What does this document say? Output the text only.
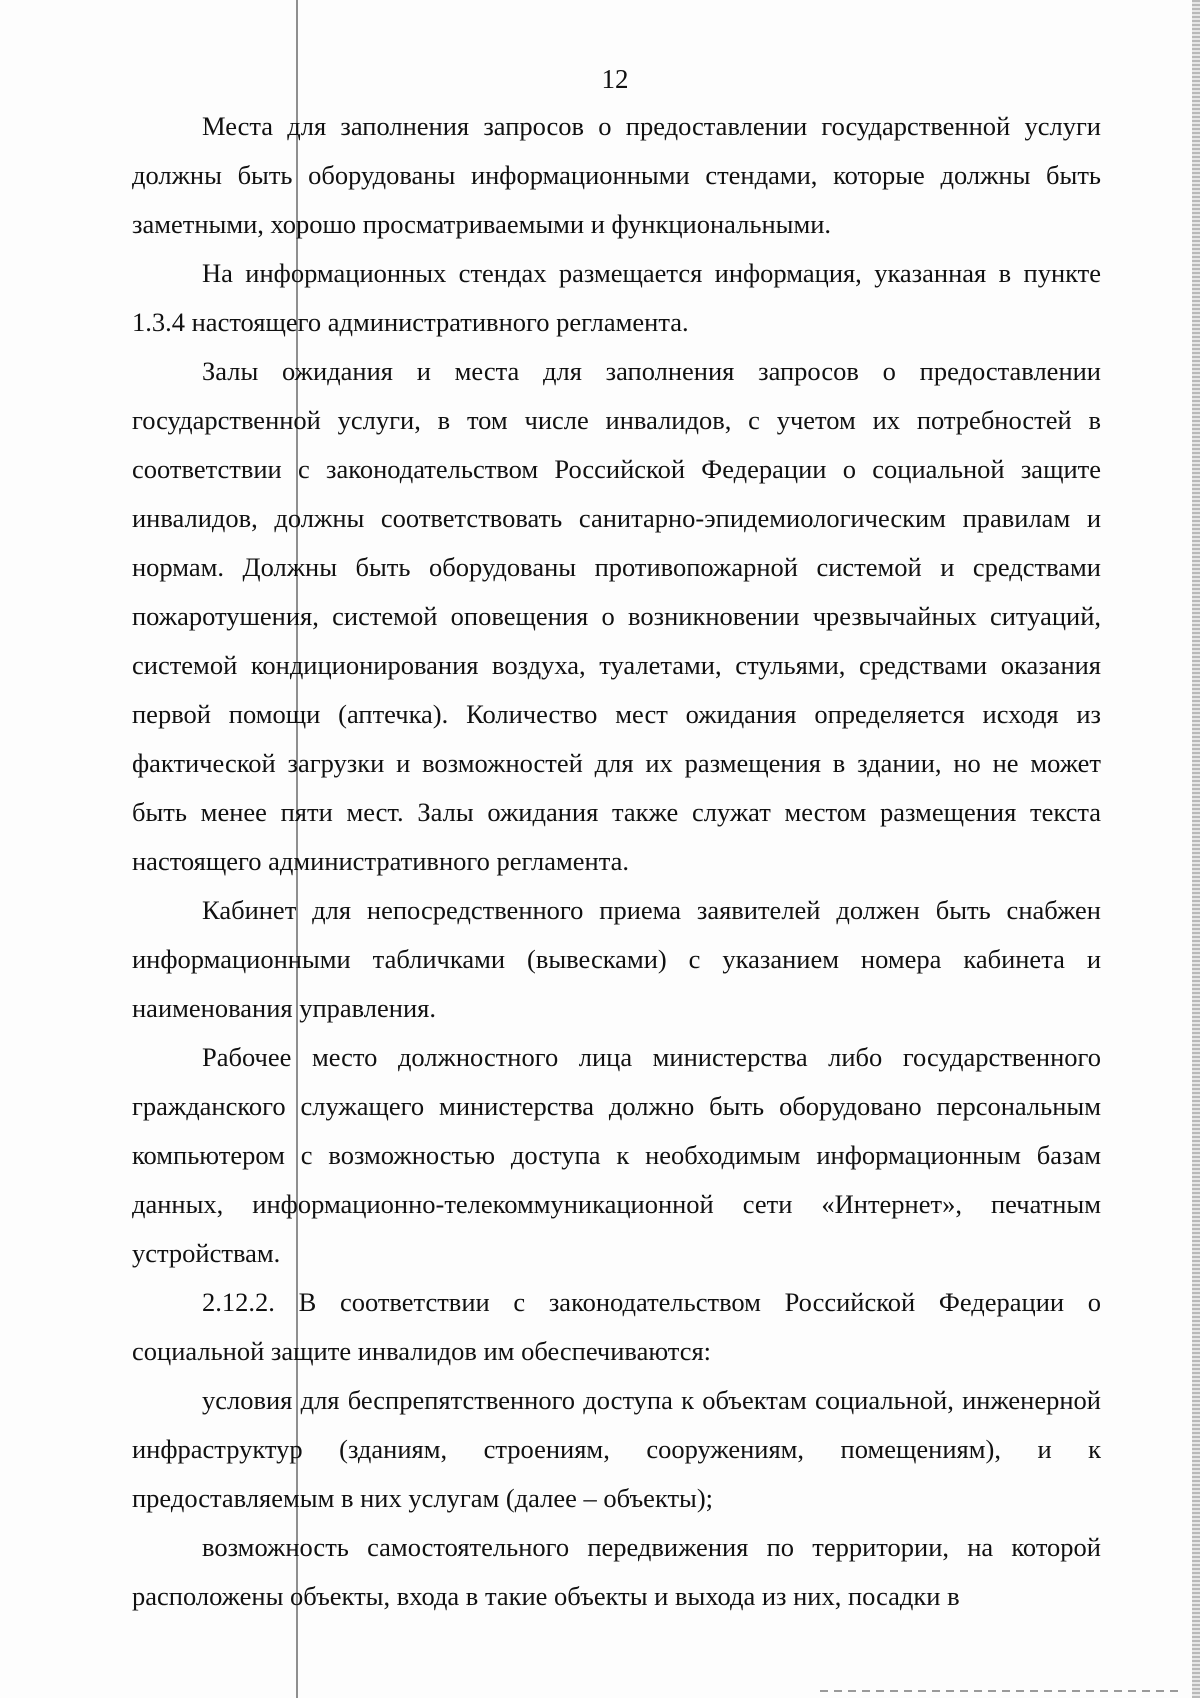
12

Места для заполнения запросов о предоставлении государственной услуги должны быть оборудованы информационными стендами, которые должны быть заметными, хорошо просматриваемыми и функциональными.

На информационных стендах размещается информация, указанная в пункте 1.3.4 настоящего административного регламента.

Залы ожидания и места для заполнения запросов о предоставлении государственной услуги, в том числе инвалидов, с учетом их потребностей в соответствии с законодательством Российской Федерации о социальной защите инвалидов, должны соответствовать санитарно-эпидемиологическим правилам и нормам. Должны быть оборудованы противопожарной системой и средствами пожаротушения, системой оповещения о возникновении чрезвычайных ситуаций, системой кондиционирования воздуха, туалетами, стульями, средствами оказания первой помощи (аптечка). Количество мест ожидания определяется исходя из фактической загрузки и возможностей для их размещения в здании, но не может быть менее пяти мест. Залы ожидания также служат местом размещения текста настоящего административного регламента.

Кабинет для непосредственного приема заявителей должен быть снабжен информационными табличками (вывесками) с указанием номера кабинета и наименования управления.

Рабочее место должностного лица министерства либо государственного гражданского служащего министерства должно быть оборудовано персональным компьютером с возможностью доступа к необходимым информационным базам данных, информационно-телекоммуникационной сети «Интернет», печатным устройствам.

2.12.2. В соответствии с законодательством Российской Федерации о социальной защите инвалидов им обеспечиваются:

условия для беспрепятственного доступа к объектам социальной, инженерной инфраструктур (зданиям, строениям, сооружениям, помещениям), и к предоставляемым в них услугам (далее – объекты);

возможность самостоятельного передвижения по территории, на которой расположены объекты, входа в такие объекты и выхода из них, посадки в
